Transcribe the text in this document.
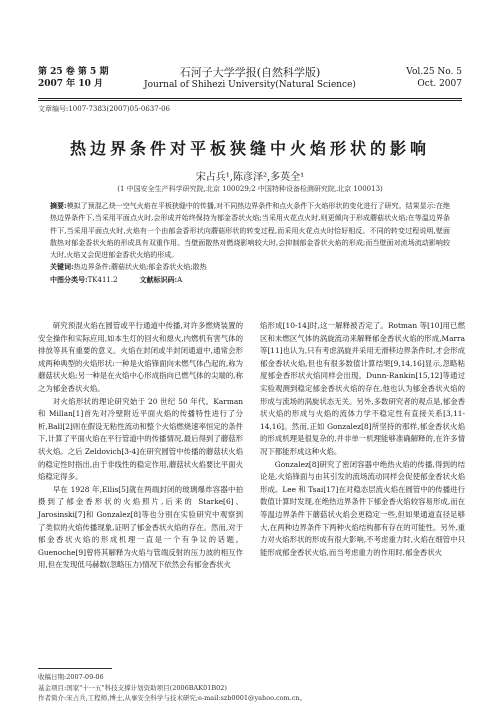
第 25 卷 第 5 期
2007 年 10 月
石河子大学学报(自然科学版)
Journal of Shihezi University(Natural Science)
Vol.25 No. 5
Oct. 2007
文章编号:1007-7383(2007)05-0637-06
热边界条件对平板狭缝中火焰形状的影响
宋占兵¹,陈彦泽²,多英全¹
(1 中国安全生产科学研究院,北京 100029;2 中国特种设备检测研究院,北京 100013)

摘要:模拟了预混乙炔一空气火焰在平板狭缝中的传播,对不同热边界条件和点火条件下火焰形状的变化进行了研究。结果显示:在绝热边界条件下,当采用平面点火时,会形成并始终保持为郁金香状火焰;当采用火花点火时,则更倾向于形成蘑菇状火焰;在等温边界条件下,当采用平面点火时,火焰有一个由郁金香形状向蘑菇形状的转变过程,而采用火花点火时恰好相反。不同的转变过程说明,壁面散热对郁金香状火焰的形成具有双重作用。当壁面散热对燃烧影响较大时,会抑制郁金香状火焰的形成;而当壁面对流场流动影响较大时,火焰又会促进郁金香状火焰的形成。

关键词:热边界条件;蘑菇状火焰;郁金香状火焰;散热

中图分类号:TK411.2	文献标识码:A

研究预混火焰在圆管或平行通道中传播,对许多燃烧装置的安全操作和实际应用,如本生灯的回火和熄火,内燃机有害气体的排放等具有重要的意义。火焰在封闭或半封闭通道中,通常会形成两种典型的火焰形状:一种是火焰锋面向未燃气体凸起的,称为蘑菇状火焰;另一种是在火焰中心形成指向已燃气体的尖端的,称之为郁金香状火焰。

对火焰形状的理论研究始于 20 世纪 50 年代。Karman 和 Millan[1]首先对冷壁附近平面火焰的传播特性进行了分析,Ball[2]则在假设无粘性流动和整个火焰燃烧速率恒定的条件下,计算了平面火焰在平行管道中的传播情况,最后得到了蘑菇形状火焰。之后 Zeldovich[3-4]在研究圆管中传播的蘑菇状火焰的稳定性时指出,由于非线性的稳定作用,蘑菇状火焰要比平面火焰稳定得多。

早在 1928 年,Ellis[5]就在两端封闭的玻璃爆炸容器中拍摄到了郁金香形状的火焰照片,后来的 Starke[6]、Jarosinski[7]和 Gonzalez[8]等也分别在实验研究中观察到了类似的火焰传播现象,证明了郁金香状火焰的存在。然而,对于郁金香状火焰的形成机理一直是一个有争议的话题。Guenoche[9]曾将其解释为火焰与管端反射的压力波的相互作用,但在发现低马赫数(忽略压力)情况下依然会有郁金香状火

焰形成[10-14]时,这一解释被否定了。Rotman 等[10]用已燃区和未燃区气体的涡旋流动来解释郁金香状火焰的形成,Marra 等[11]也认为,只有考虑涡旋并采用无滑移边界条件时,才会形成郁金香状火焰,但也有很多数值计算结果[9,14,16]显示,忽略粘度郁金香形状火焰同样会出现。Dunn-Rankin[15,12]等通过实验观测到稳定郁金香状火焰的存在,他也认为郁金香状火焰的形成与流场的涡旋状态无关。另外,多数研究者的观点是,郁金香状火焰的形成与火焰的流体力学不稳定性有直接关系[3,11-14,16]。然而,正如 Gonzalez[8]所坚持的那样,郁金香状火焰的形成机理是很复杂的,并非单一机理能够准确解释的,在许多情况下都能形成这种火焰。

Gonzalez[8]研究了密闭容器中绝热火焰的传播,得到的结论是,火焰锋面与由其引发的流场流动同样会促使郁金香状火焰形成。Lee 和 Tsai[17]在对稳态层流火焰在圆管中的传播进行数值计算时发现,在绝热边界条件下郁金香火焰较容易形成,而在等温边界条件下蘑菇状火焰会更稳定一些,但如果通道直径足够大,在两种边界条件下两种火焰结构都有存在的可能性。另外,重力对火焰形状的形成有很大影响,不考虑重力时,火焰在细管中只能形成郁金香状火焰,而当考虑重力的作用时,郁金香状火

收稿日期:2007-09-06

基金项目:国家"十一五"科技支撑计划资助项目(2006BAK01B02)

作者简介:宋占兵,工程师,博士,从事安全科学与技术研究;e-mail:szb0001@yahoo.com.cn。
